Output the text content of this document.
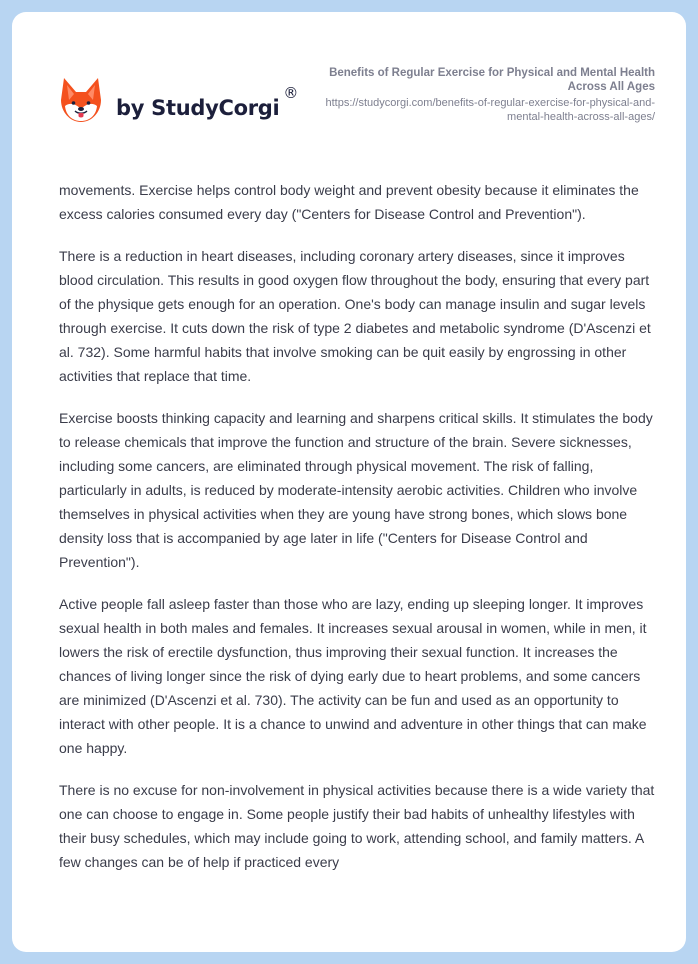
by StudyCorgi
®
Benefits of Regular Exercise for Physical and Mental Health Across All Ages
https://studycorgi.com/benefits-of-regular-exercise-for-physical-and-mental-health-across-all-ages/

movements. Exercise helps control body weight and prevent obesity because it eliminates the excess calories consumed every day ("Centers for Disease Control and Prevention").

There is a reduction in heart diseases, including coronary artery diseases, since it improves blood circulation. This results in good oxygen flow throughout the body, ensuring that every part of the physique gets enough for an operation. One's body can manage insulin and sugar levels through exercise. It cuts down the risk of type 2 diabetes and metabolic syndrome (D'Ascenzi et al. 732). Some harmful habits that involve smoking can be quit easily by engrossing in other activities that replace that time.

Exercise boosts thinking capacity and learning and sharpens critical skills. It stimulates the body to release chemicals that improve the function and structure of the brain. Severe sicknesses, including some cancers, are eliminated through physical movement. The risk of falling, particularly in adults, is reduced by moderate-intensity aerobic activities. Children who involve themselves in physical activities when they are young have strong bones, which slows bone density loss that is accompanied by age later in life ("Centers for Disease Control and Prevention").

Active people fall asleep faster than those who are lazy, ending up sleeping longer. It improves sexual health in both males and females. It increases sexual arousal in women, while in men, it lowers the risk of erectile dysfunction, thus improving their sexual function. It increases the chances of living longer since the risk of dying early due to heart problems, and some cancers are minimized (D'Ascenzi et al. 730). The activity can be fun and used as an opportunity to interact with other people. It is a chance to unwind and adventure in other things that can make one happy.

There is no excuse for non-involvement in physical activities because there is a wide variety that one can choose to engage in. Some people justify their bad habits of unhealthy lifestyles with their busy schedules, which may include going to work, attending school, and family matters. A few changes can be of help if practiced every
